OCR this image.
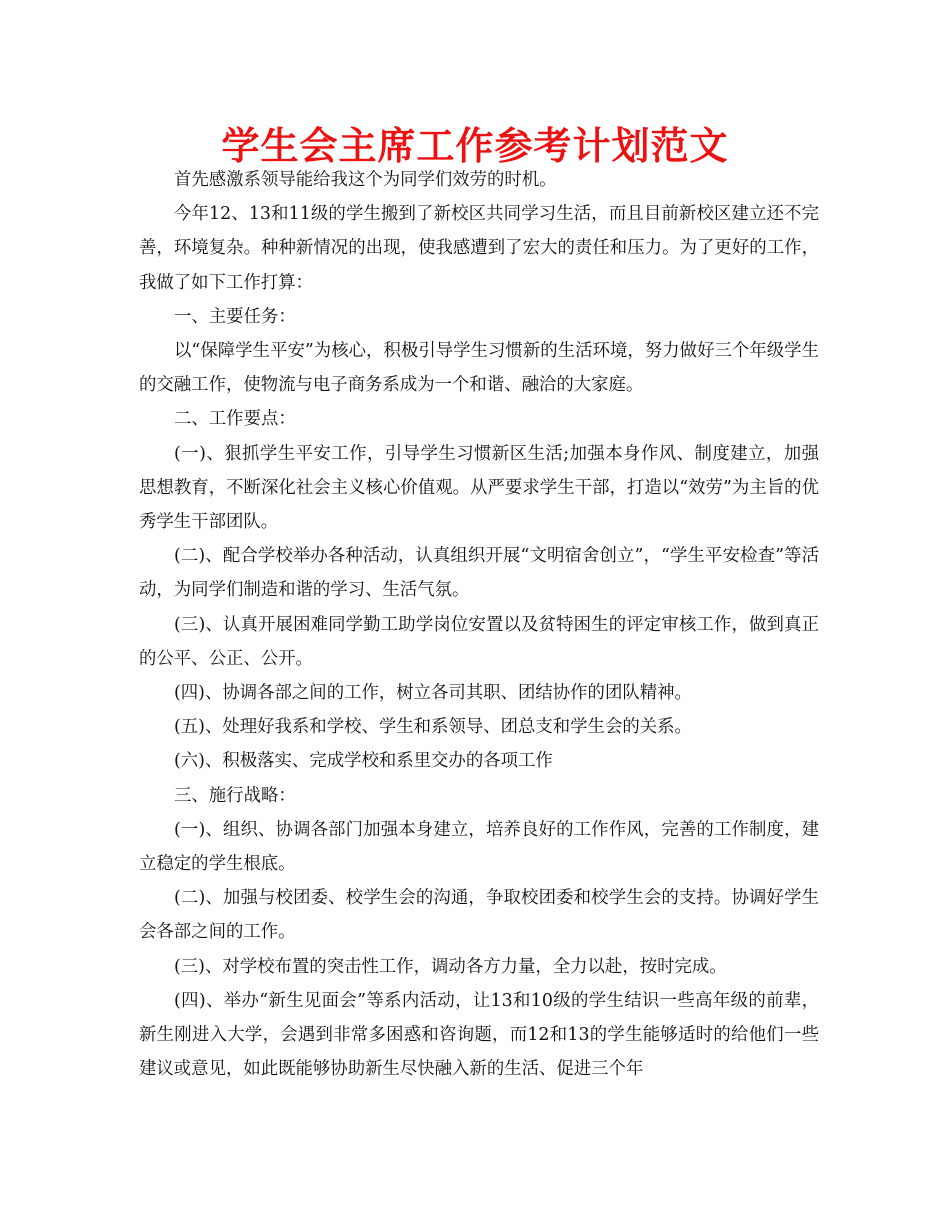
学生会主席工作参考计划范文

首先感激系领导能给我这个为同学们效劳的时机。

今年12、13和11级的学生搬到了新校区共同学习生活，而且目前新校区建立还不完善，环境复杂。种种新情况的出现，使我感遭到了宏大的责任和压力。为了更好的工作，我做了如下工作打算：

一、主要任务：

以“保障学生平安”为核心，积极引导学生习惯新的生活环境，努力做好三个年级学生的交融工作，使物流与电子商务系成为一个和谐、融洽的大家庭。

二、工作要点：

(一)、狠抓学生平安工作，引导学生习惯新区生活;加强本身作风、制度建立，加强思想教育，不断深化社会主义核心价值观。从严要求学生干部，打造以“效劳”为主旨的优秀学生干部团队。

(二)、配合学校举办各种活动，认真组织开展“文明宿舍创立”，“学生平安检查”等活动，为同学们制造和谐的学习、生活气氛。

(三)、认真开展困难同学勤工助学岗位安置以及贫特困生的评定审核工作，做到真正的公平、公正、公开。

(四)、协调各部之间的工作，树立各司其职、团结协作的团队精神。

(五)、处理好我系和学校、学生和系领导、团总支和学生会的关系。

(六)、积极落实、完成学校和系里交办的各项工作

三、施行战略：

(一)、组织、协调各部门加强本身建立，培养良好的工作作风，完善的工作制度，建立稳定的学生根底。

(二)、加强与校团委、校学生会的沟通，争取校团委和校学生会的支持。协调好学生会各部之间的工作。

(三)、对学校布置的突击性工作，调动各方力量，全力以赴，按时完成。

(四)、举办“新生见面会”等系内活动，让13和10级的学生结识一些高年级的前辈，新生刚进入大学，会遇到非常多困惑和咨询题，而12和13的学生能够适时的给他们一些建议或意见，如此既能够协助新生尽快融入新的生活、促进三个年
